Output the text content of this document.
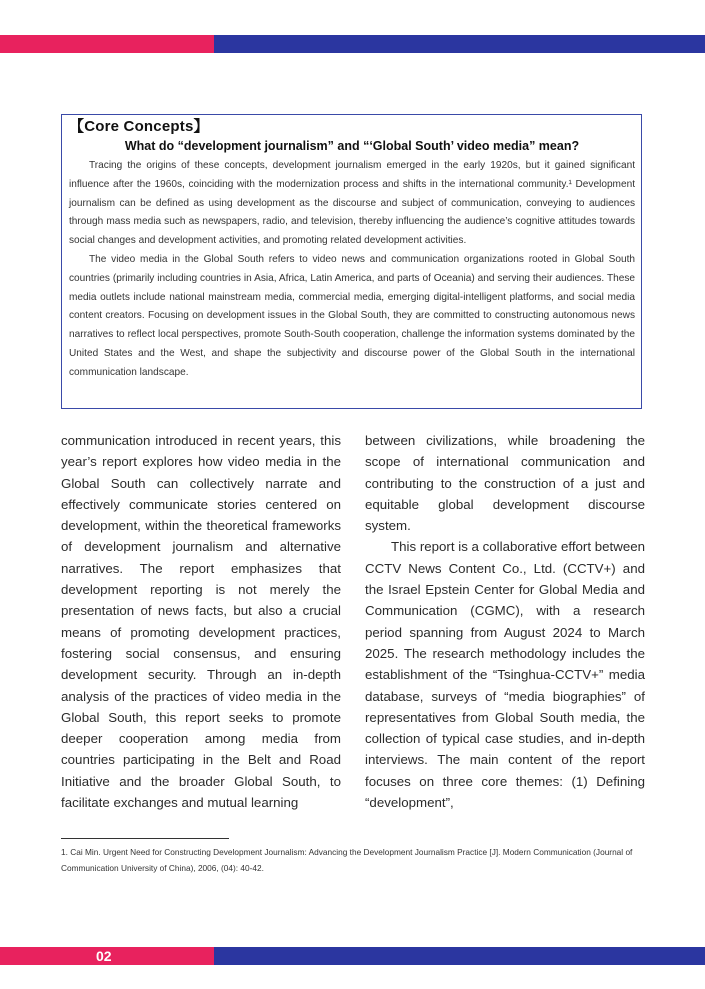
【Core Concepts】
What do “development journalism” and “‘Global South’ video media” mean?

Tracing the origins of these concepts, development journalism emerged in the early 1920s, but it gained significant influence after the 1960s, coinciding with the modernization process and shifts in the international community.¹ Development journalism can be defined as using development as the discourse and subject of communication, conveying to audiences through mass media such as newspapers, radio, and television, thereby influencing the audience’s cognitive attitudes towards social changes and development activities, and promoting related development activities.

The video media in the Global South refers to video news and communication organizations rooted in Global South countries (primarily including countries in Asia, Africa, Latin America, and parts of Oceania) and serving their audiences. These media outlets include national mainstream media, commercial media, emerging digital-intelligent platforms, and social media content creators. Focusing on development issues in the Global South, they are committed to constructing autonomous news narratives to reflect local perspectives, promote South-South cooperation, challenge the information systems dominated by the United States and the West, and shape the subjectivity and discourse power of the Global South in the international communication landscape.

communication introduced in recent years, this year’s report explores how video media in the Global South can collectively narrate and effectively communicate stories centered on development, within the theoretical frameworks of development journalism and alternative narratives. The report emphasizes that development reporting is not merely the presentation of news facts, but also a crucial means of promoting development practices, fostering social consensus, and ensuring development security. Through an in-depth analysis of the practices of video media in the Global South, this report seeks to promote deeper cooperation among media from countries participating in the Belt and Road Initiative and the broader Global South, to facilitate exchanges and mutual learning

between civilizations, while broadening the scope of international communication and contributing to the construction of a just and equitable global development discourse system.

This report is a collaborative effort between CCTV News Content Co., Ltd. (CCTV+) and the Israel Epstein Center for Global Media and Communication (CGMC), with a research period spanning from August 2024 to March 2025. The research methodology includes the establishment of the “Tsinghua-CCTV+” media database, surveys of “media biographies” of representatives from Global South media, the collection of typical case studies, and in-depth interviews. The main content of the report focuses on three core themes: (1) Defining “development”,

1. Cai Min. Urgent Need for Constructing Development Journalism: Advancing the Development Journalism Practice [J]. Modern Communication (Journal of Communication University of China), 2006, (04): 40-42.
02
